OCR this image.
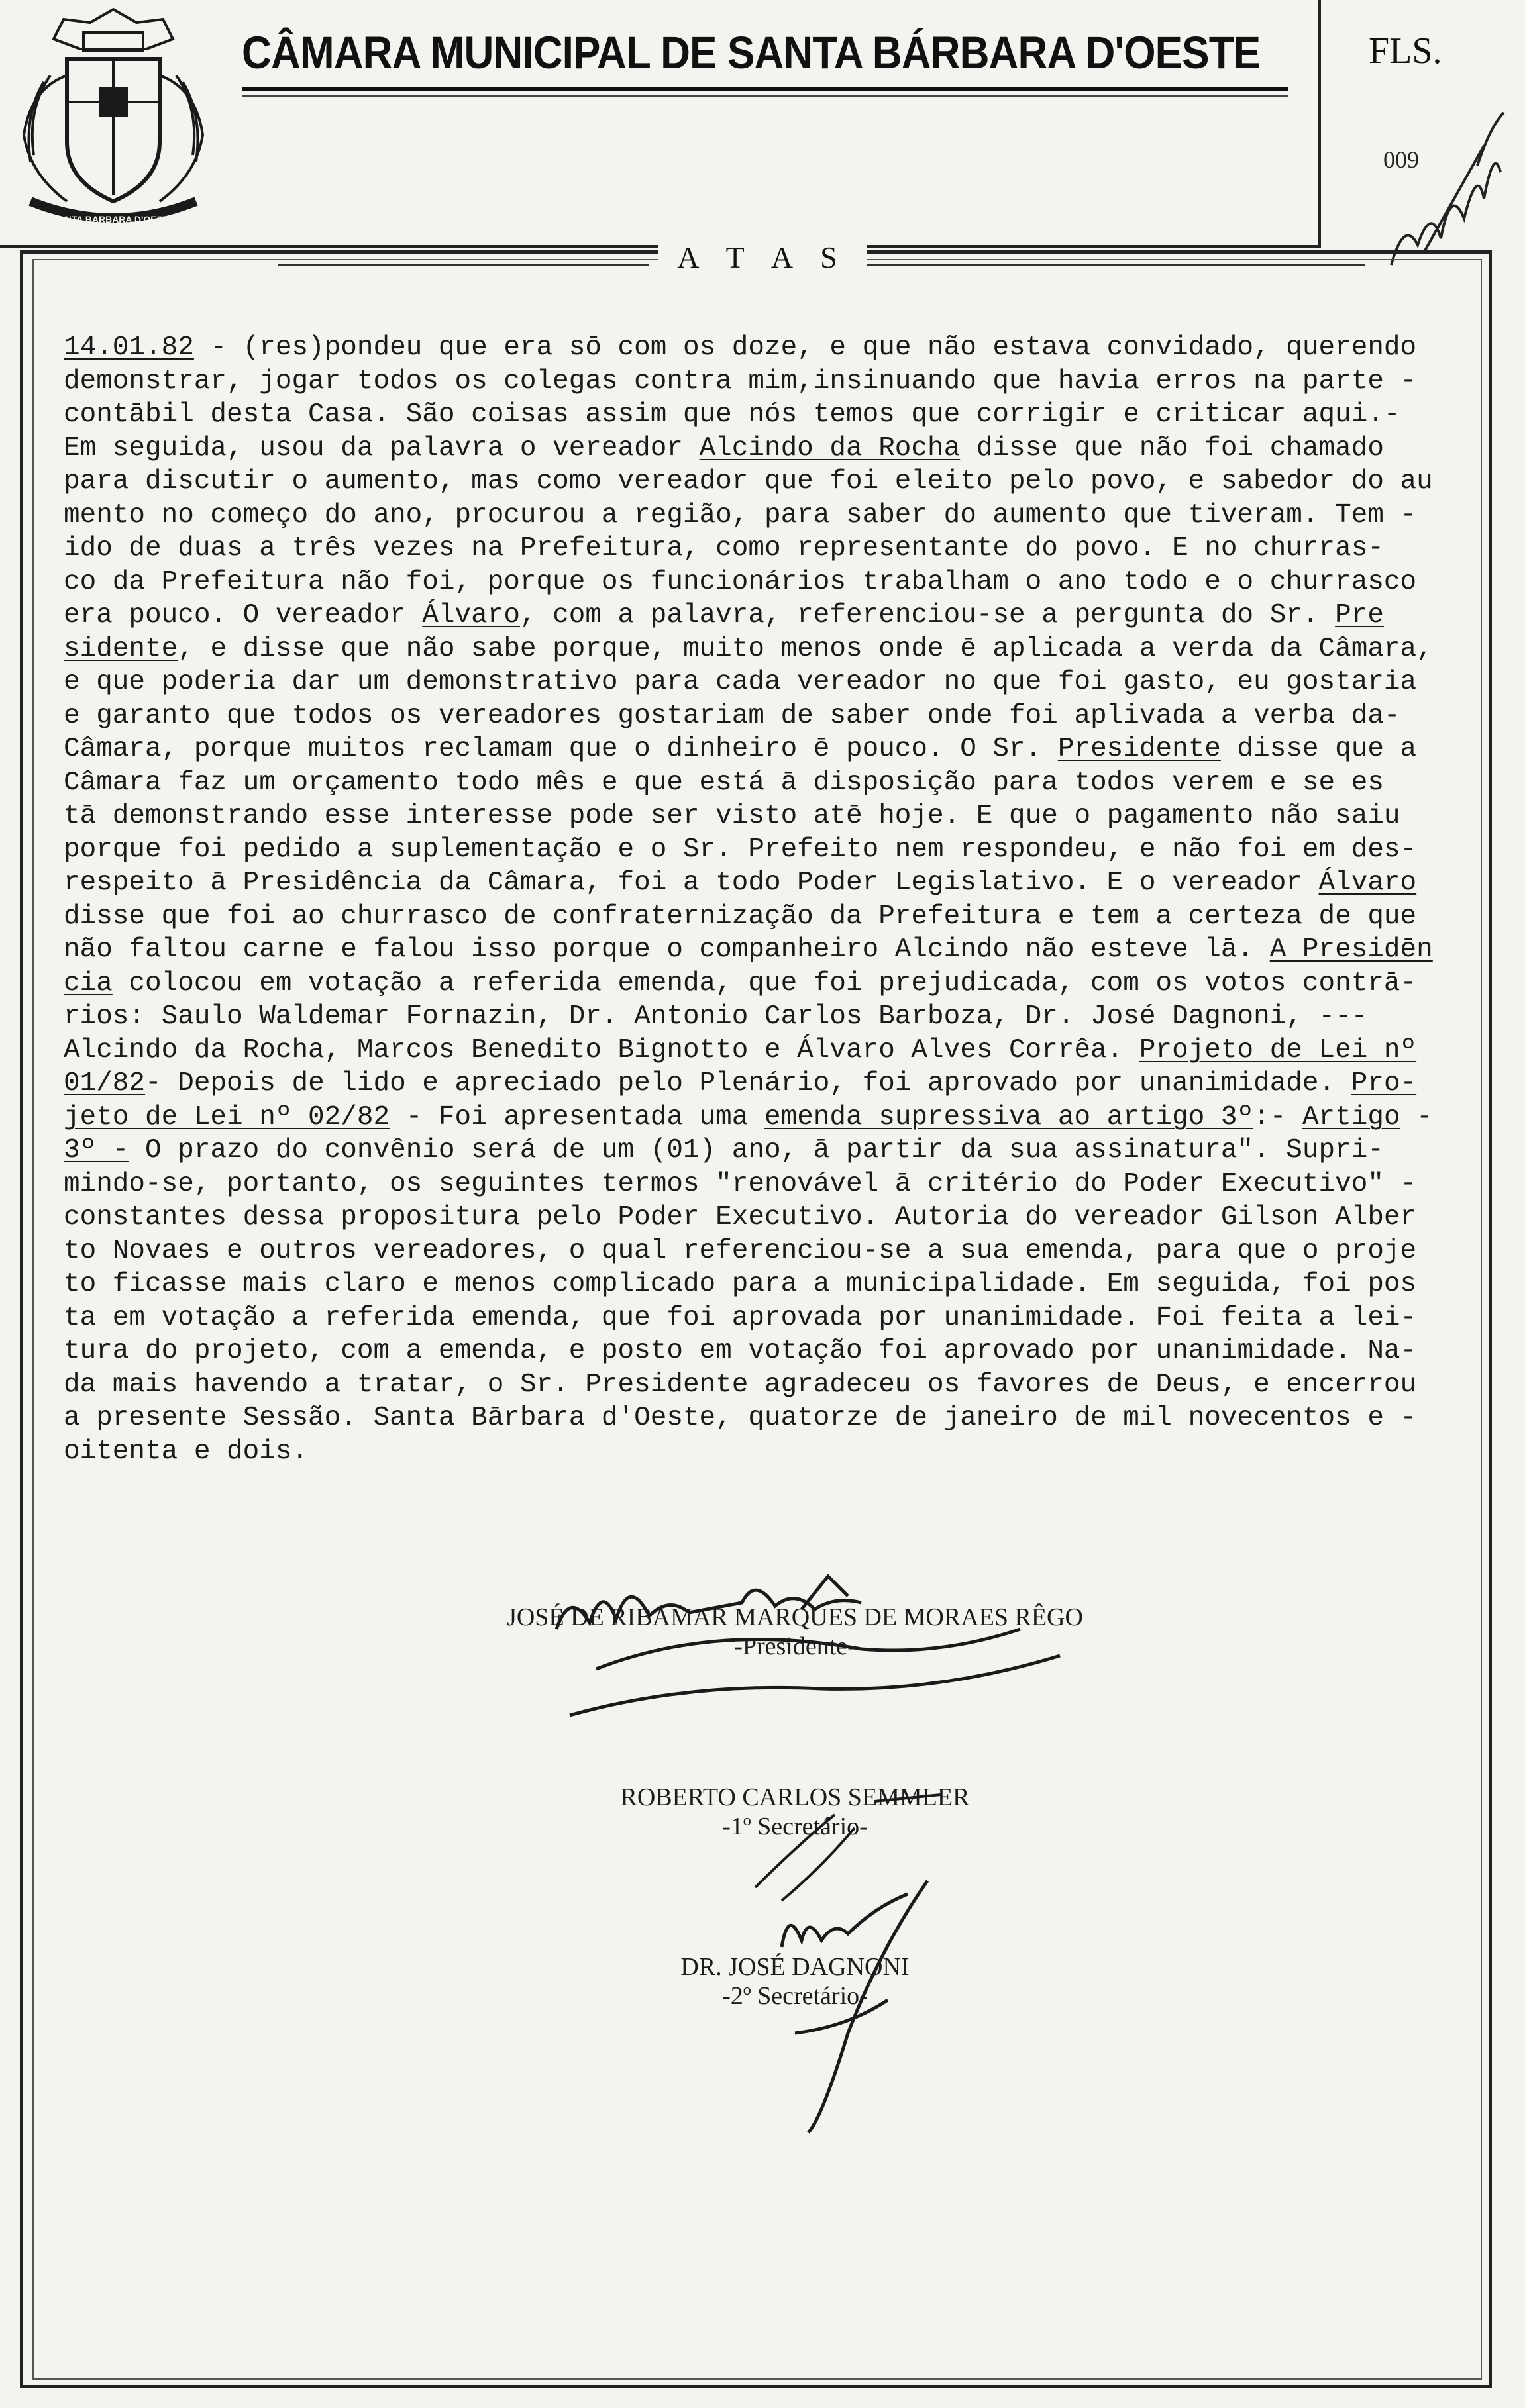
SANTA BARBARA D'OESTE
CÂMARA MUNICIPAL DE SANTA BÁRBARA D'OESTE	FLS.
009
A T A S
14.01.82 - (res)pondeu que era sō com os doze, e que não estava convidado, querendo
demonstrar, jogar todos os colegas contra mim,insinuando que havia erros na parte -
contābil desta Casa. São coisas assim que nós temos que corrigir e criticar aqui.-
Em seguida, usou da palavra o vereador Alcindo da Rocha disse que não foi chamado
para discutir o aumento, mas como vereador que foi eleito pelo povo, e sabedor do au
mento no começo do ano, procurou a região, para saber do aumento que tiveram. Tem -
ido de duas a três vezes na Prefeitura, como representante do povo. E no churras-
co da Prefeitura não foi, porque os funcionários trabalham o ano todo e o churrasco
era pouco. O vereador Álvaro, com a palavra, referenciou-se a pergunta do Sr. Pre
sidente, e disse que não sabe porque, muito menos onde ē aplicada a verda da Câmara,
e que poderia dar um demonstrativo para cada vereador no que foi gasto, eu gostaria
e garanto que todos os vereadores gostariam de saber onde foi aplivada a verba da-
Câmara, porque muitos reclamam que o dinheiro ē pouco. O Sr. Presidente disse que a
Câmara faz um orçamento todo mês e que está ā disposição para todos verem e se es
tā demonstrando esse interesse pode ser visto atē hoje. E que o pagamento não saiu
porque foi pedido a suplementação e o Sr. Prefeito nem respondeu, e não foi em des-
respeito ā Presidência da Câmara, foi a todo Poder Legislativo. E o vereador Álvaro
disse que foi ao churrasco de confraternização da Prefeitura e tem a certeza de que
não faltou carne e falou isso porque o companheiro Alcindo não esteve lā. A Presidēn
cia colocou em votação a referida emenda, que foi prejudicada, com os votos contrā-
rios: Saulo Waldemar Fornazin, Dr. Antonio Carlos Barboza, Dr. José Dagnoni, ---
Alcindo da Rocha, Marcos Benedito Bignotto e Álvaro Alves Corrêa. Projeto de Lei nº
01/82- Depois de lido e apreciado pelo Plenário, foi aprovado por unanimidade. Pro-
jeto de Lei nº 02/82 - Foi apresentada uma emenda supressiva ao artigo 3º:- Artigo -
3º - O prazo do convênio será de um (01) ano, ā partir da sua assinatura". Supri-
mindo-se, portanto, os seguintes termos "renovável ā critério do Poder Executivo" -
constantes dessa propositura pelo Poder Executivo. Autoria do vereador Gilson Alber
to Novaes e outros vereadores, o qual referenciou-se a sua emenda, para que o proje
to ficasse mais claro e menos complicado para a municipalidade. Em seguida, foi pos
ta em votação a referida emenda, que foi aprovada por unanimidade. Foi feita a lei-
tura do projeto, com a emenda, e posto em votação foi aprovado por unanimidade. Na-
da mais havendo a tratar, o Sr. Presidente agradeceu os favores de Deus, e encerrou
a presente Sessão. Santa Bārbara d'Oeste, quatorze de janeiro de mil novecentos e -
oitenta e dois.
JOSÉ DE RIBAMAR MARQUES DE MORAES RÊGO
-Presidente-
ROBERTO CARLOS SEMMLER
-1º Secretário-
DR. JOSÉ DAGNONI
-2º Secretário-
